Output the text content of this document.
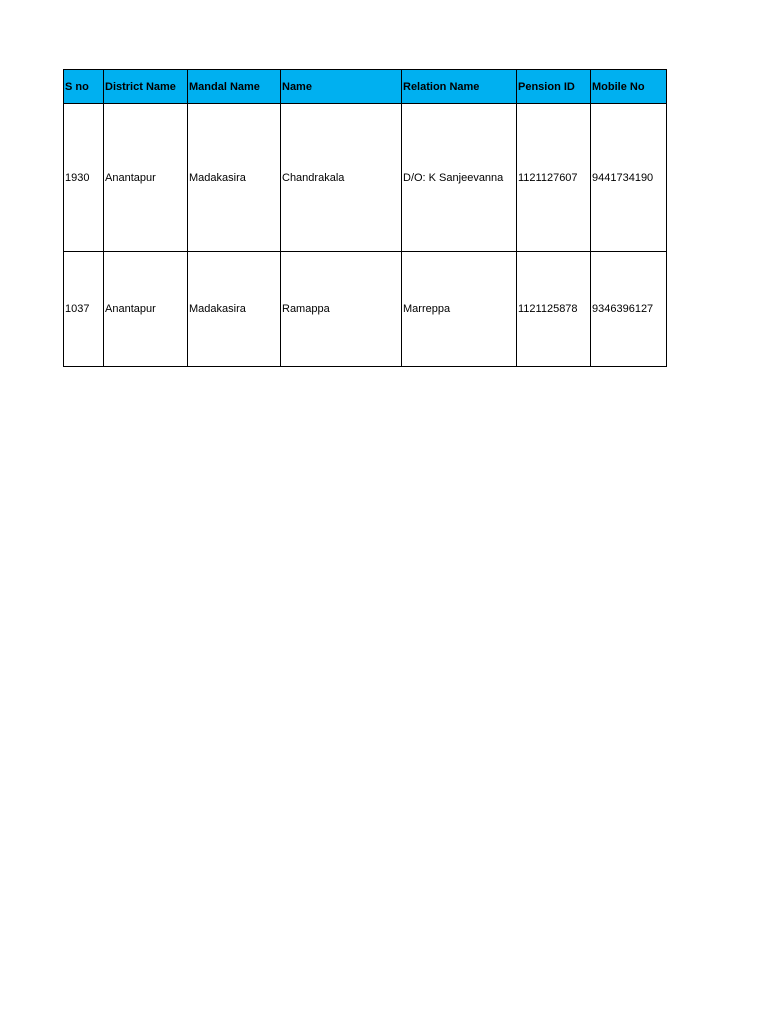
S no	District Name	Mandal Name	Name	Relation Name	Pension ID	Mobile No
1930	Anantapur	Madakasira	Chandrakala	D/O: K Sanjeevanna	1121127607	9441734190
1037	Anantapur	Madakasira	Ramappa	Marreppa	1121125878	9346396127
